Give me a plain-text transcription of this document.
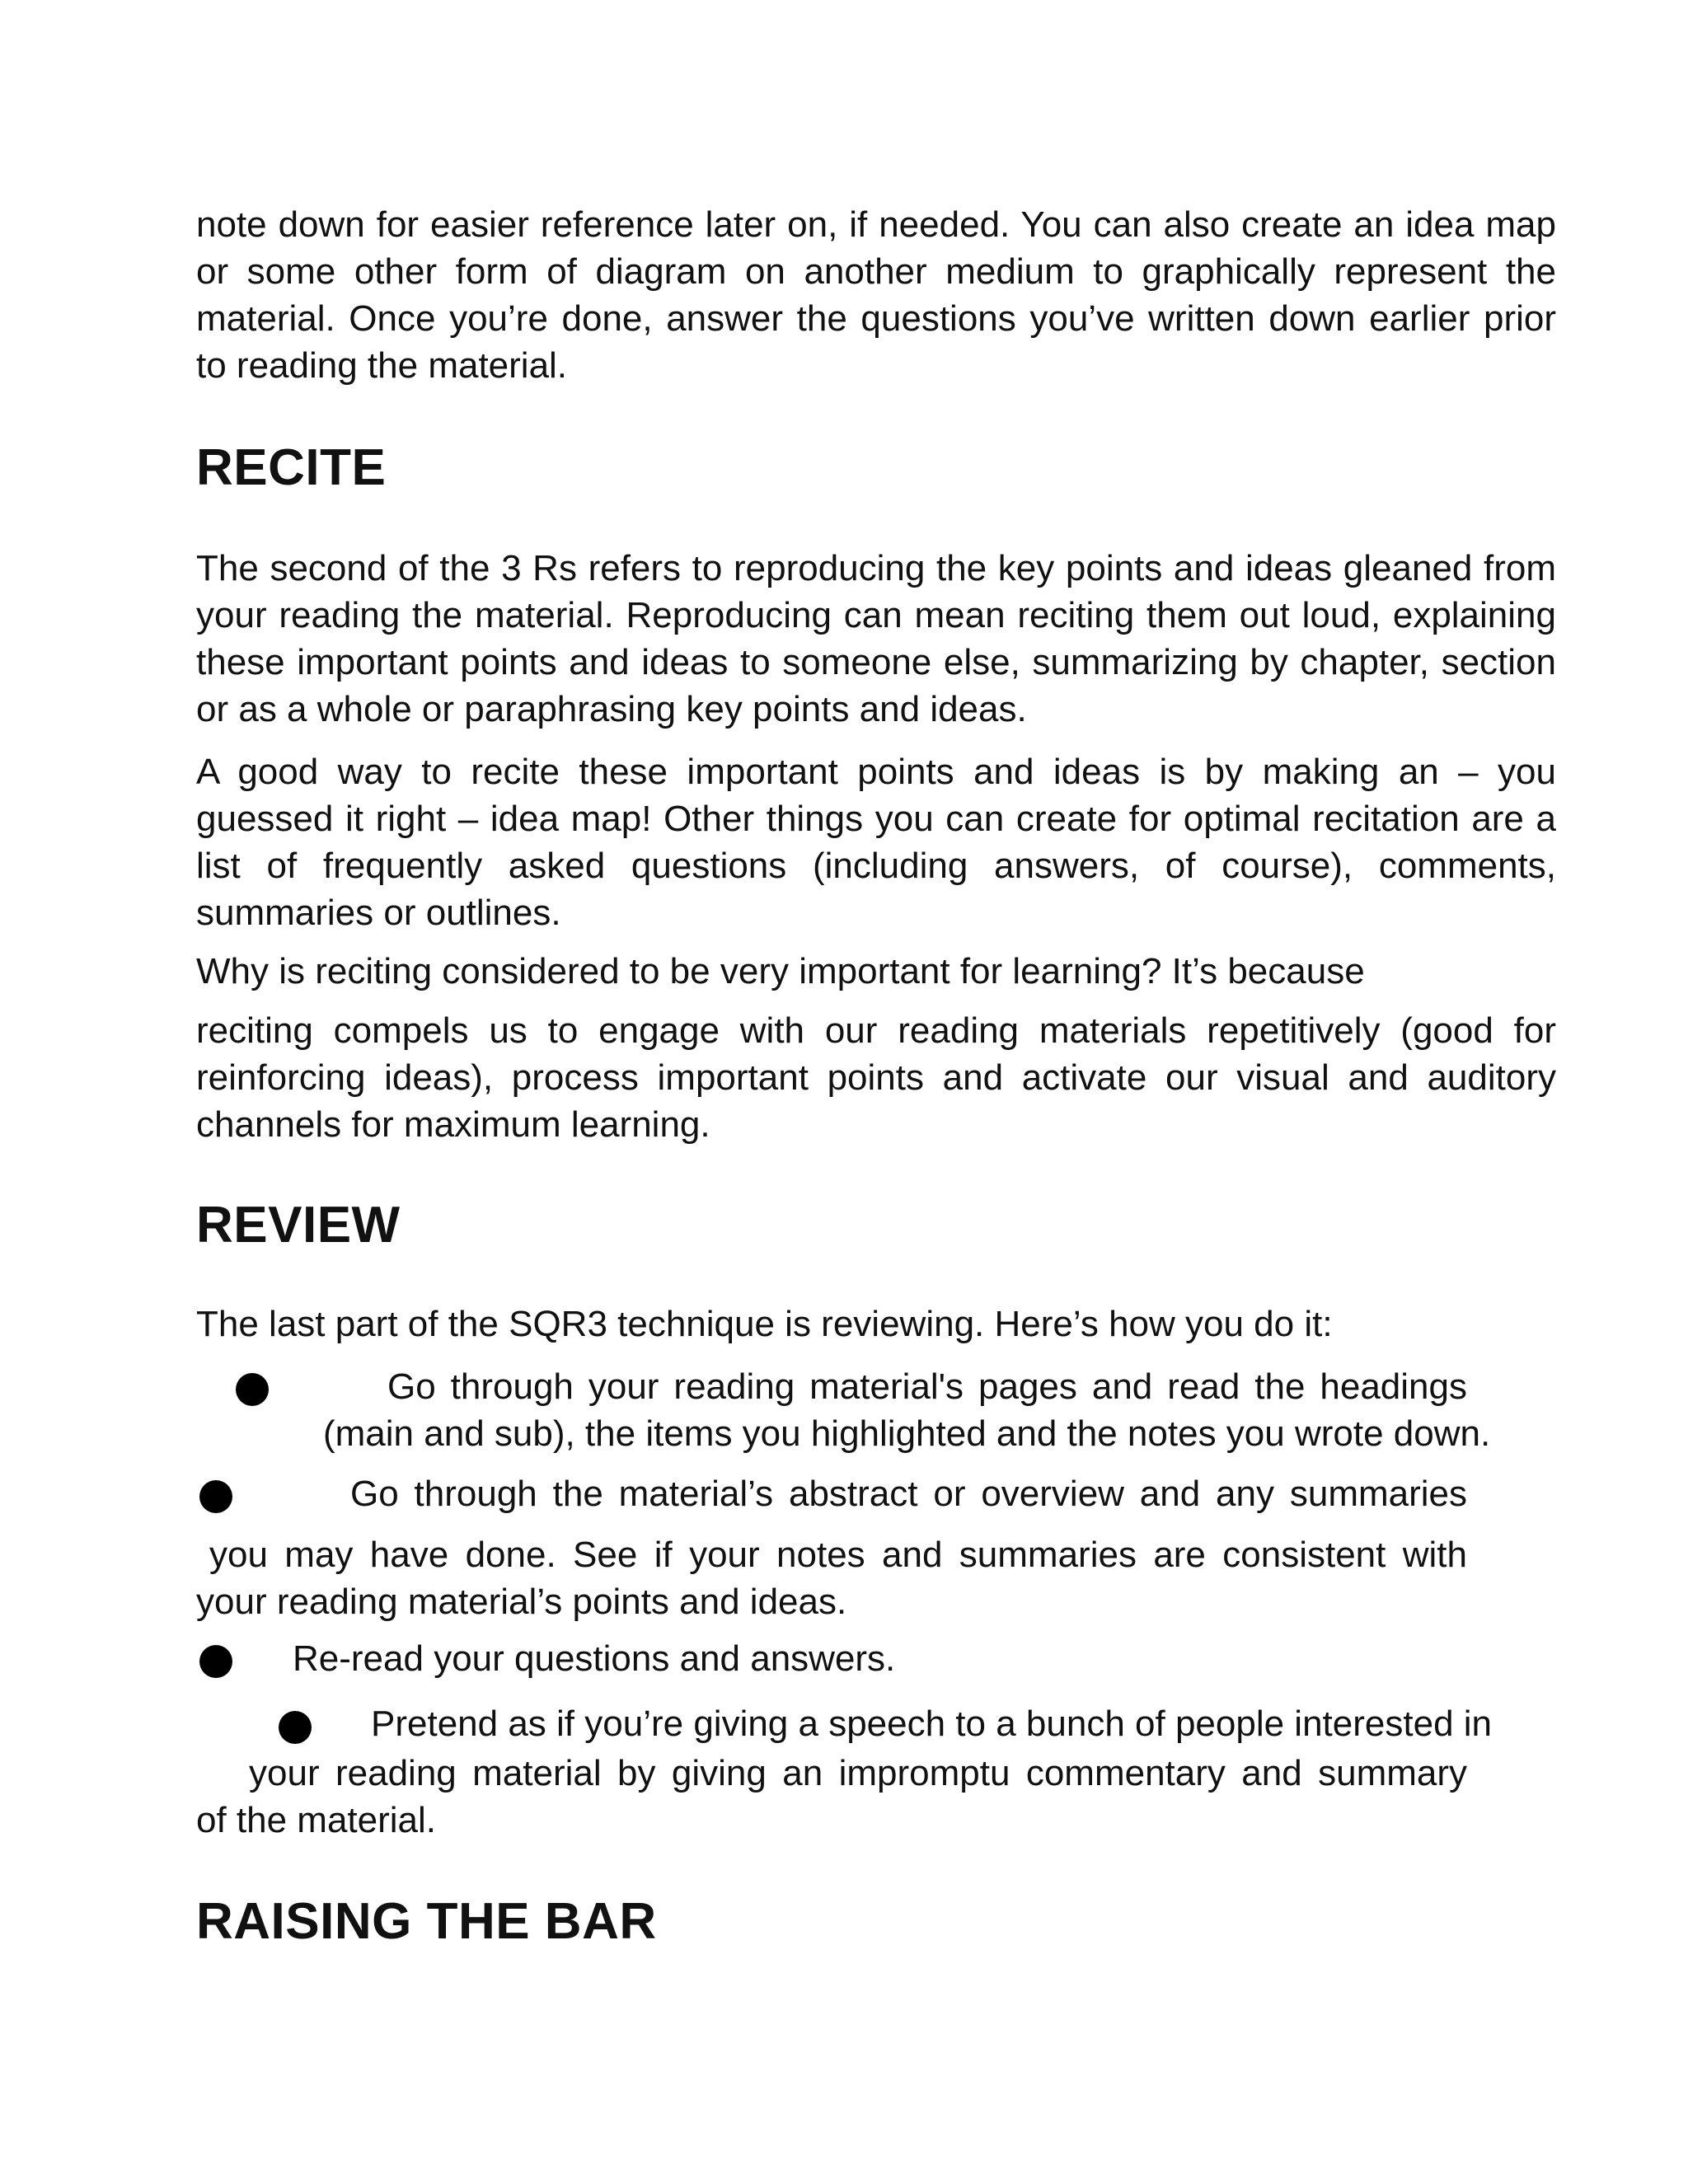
note down for easier reference later on, if needed. You can also create an idea map or some other form of diagram on another medium to graphically represent the material. Once you’re done, answer the questions you’ve written down earlier prior to reading the material.

RECITE

The second of the 3 Rs refers to reproducing the key points and ideas gleaned from your reading the material. Reproducing can mean reciting them out loud, explaining these important points and ideas to someone else, summarizing by chapter, section or as a whole or paraphrasing key points and ideas.

A good way to recite these important points and ideas is by making an – you guessed it right – idea map! Other things you can create for optimal recitation are a list of frequently asked questions (including answers, of course), comments, summaries or outlines.

Why is reciting considered to be very important for learning? It’s because

reciting compels us to engage with our reading materials repetitively (good for reinforcing ideas), process important points and activate our visual and auditory channels for maximum learning.

REVIEW

The last part of the SQR3 technique is reviewing. Here’s how you do it:

Go through your reading material's pages and read the headings

(main and sub), the items you highlighted and the notes you wrote down.

Go through the material’s abstract or overview and any summaries

you may have done. See if your notes and summaries are consistent with

your reading material’s points and ideas.

Re-read your questions and answers.

Pretend as if you’re giving a speech to a bunch of people interested in

your reading material by giving an impromptu commentary and summary

of the material.

RAISING THE BAR
